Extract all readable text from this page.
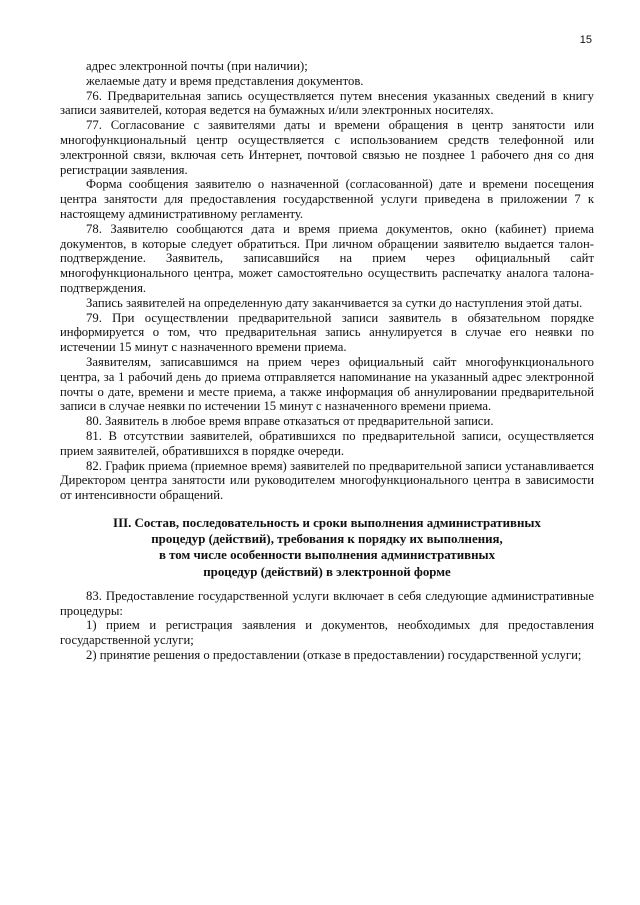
15
адрес электронной почты (при наличии);
желаемые дату и время представления документов.

76. Предварительная запись осуществляется путем внесения указанных сведений в книгу записи заявителей, которая ведется на бумажных и/или электронных носителях.

77. Согласование с заявителями даты и времени обращения в центр занятости или многофункциональный центр осуществляется с использованием средств телефонной или электронной связи, включая сеть Интернет, почтовой связью не позднее 1 рабочего дня со дня регистрации заявления.

Форма сообщения заявителю о назначенной (согласованной) дате и времени посещения центра занятости для предоставления государственной услуги приведена в приложении 7 к настоящему административному регламенту.

78. Заявителю сообщаются дата и время приема документов, окно (кабинет) приема документов, в которые следует обратиться. При личном обращении заявителю выдается талон-подтверждение. Заявитель, записавшийся на прием через официальный сайт многофункционального центра, может самостоятельно осуществить распечатку аналога талона-подтверждения.

Запись заявителей на определенную дату заканчивается за сутки до наступления этой даты.

79. При осуществлении предварительной записи заявитель в обязательном порядке информируется о том, что предварительная запись аннулируется в случае его неявки по истечении 15 минут с назначенного времени приема.

Заявителям, записавшимся на прием через официальный сайт многофункционального центра, за 1 рабочий день до приема отправляется напоминание на указанный адрес электронной почты о дате, времени и месте приема, а также информация об аннулировании предварительной записи в случае неявки по истечении 15 минут с назначенного времени приема.

80. Заявитель в любое время вправе отказаться от предварительной записи.

81. В отсутствии заявителей, обратившихся по предварительной записи, осуществляется прием заявителей, обратившихся в порядке очереди.

82. График приема (приемное время) заявителей по предварительной записи устанавливается Директором центра занятости или руководителем многофункционального центра в зависимости от интенсивности обращений.

III. Состав, последовательность и сроки выполнения административных
процедур (действий), требования к порядку их выполнения,
в том числе особенности выполнения административных
процедур (действий) в электронной форме

83. Предоставление государственной услуги включает в себя следующие административные процедуры:

1) прием и регистрация заявления и документов, необходимых для предоставления государственной услуги;

2) принятие решения о предоставлении (отказе в предоставлении) государственной услуги;
